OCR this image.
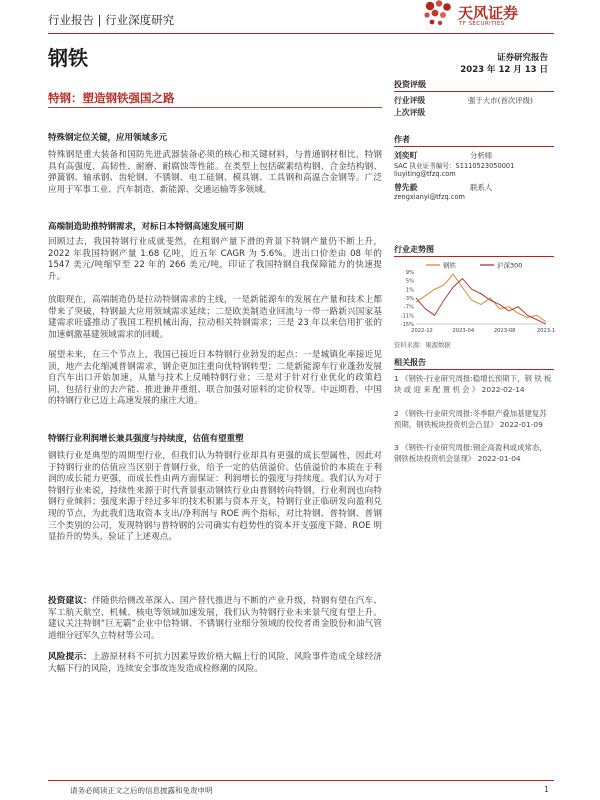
行业报告 | 行业深度研究	天风证券
TF SECURITIES
钢铁	证券研究报告
2023 年 12 月 13 日
特钢：塑造钢铁强国之路
特殊钢定位关键，应用领域多元
特殊钢是重大装备和国防先进武器装备必须的核心和关键材料，与普通钢材相比，特钢具有高强度、高韧性、耐磨、耐腐蚀等性能。在类型上包括碳素结构钢、合金结构钢、弹簧钢、轴承钢、齿轮钢、不锈钢、电工硅钢、模具钢、工具钢和高温合金钢等。广泛应用于军事工业、汽车制造、新能源、交通运输等多领域。
高端制造助推特钢需求，对标日本特钢高速发展可期
回顾过去，我国特钢行业成就斐然，在粗钢产量下滑的背景下特钢产量仍不断上升，2022 年我国特钢产量 1.68 亿吨，近五年 CAGR 为 5.6%。进出口价差由 08 年的 1547 美元/吨缩窄至 22 年的 266 美元/吨，印证了我国特钢自我保障能力的快速提升。
放眼现在，高端制造仍是拉动特钢需求的主线，一是新能源车的发展在产量和技术上都带来了突破，特钢最大应用领域需求延续；二是欧美制造业回流与一带一路新兴国家基建需求旺盛推动了我国工程机械出海，拉动相关特钢需求；三是 23 年以来信用扩张的加速刺激基建领域需求的回暖。
展望未来，在三个节点上，我国已接近日本特钢行业勃发的起点：一是城镇化率接近见顶，地产去化缩减普钢需求，钢企更加注重向优特钢转型；二是新能源车行业蓬勃发展自汽车出口开始加速，从量与技术上反哺特钢行业；三是对于针对行业优化的政策趋同，包括行业的去产能、推进兼并重组、联合加强对原料的定价权等。中远期看，中国的特钢行业已迈上高速发展的康庄大道。
特钢行业利润增长兼具强度与持续度，估值有望重塑
钢铁行业是典型的周期型行业，但我们认为特钢行业却具有更强的成长型属性，因此对于特钢行业的估值应当区别于普钢行业，给予一定的估值溢价。估值溢价的本质在于利润的成长能力更强，而成长性由两方面保证：利润增长的强度与持续度。我们认为对于特钢行业来说，持续性来源于时代背景驱动钢铁行业由普钢转向特钢，行业利润也向特钢行业倾斜；强度来源于经过多年的技术积累与资本开支，特钢行业正临研发向盈利兑现的节点，为此我们选取资本支出/净利润与 ROE 两个指标，对比特钢、普特钢、普钢三个类别的公司，发现特钢与普特钢的公司确实有趋势性的资本开支强度下降、ROE 明显抬升的势头，验证了上述观点。
投资建议：伴随供给侧改革深入、国产替代推进与不断的产业升级，特钢有望在汽车、军工航天航空、机械、核电等领域加速发展，我们认为特钢行业未来景气度有望上升。建议关注特钢“巨无霸”企业中信特钢、不锈钢行业细分领域的佼佼者甬金股份和油气管道细分冠军久立特材等公司。
风险提示：上游原材料不可抗力因素导致价格大幅上行的风险，风险事件造成全球经济大幅下行的风险，连续安全事故连发造成检修潮的风险。
投资评级
行业评级	强于大市(首次评级)
上次评级
作者
刘奕町	分析师
SAC 执业证书编号：S1110523050001
liuyiting@tfzq.com
曾先毅	联系人
zengxianyi@tfzq.com
行业走势图
钢铁	沪深300
9%
5%
1%
-3%
-7%
-11%
-15%
2022-12	2023-04	2023-08	2023-1
资料来源：聚源数据
相关报告
1 《钢铁-行业研究周报:稳增长预期下，钢 铁 板 块 或 迎 来 配 置 机 会 》 2022-02-14
2 《钢铁-行业研究周报:冬季限产叠加基建复苏预期，钢铁板块投资机会凸显》 2022-01-09
3 《钢铁-行业研究周报:钢企高盈利或成常态，钢铁板块投资机会显现》 2022-01-04
请务必阅读正文之后的信息披露和免责申明	1
